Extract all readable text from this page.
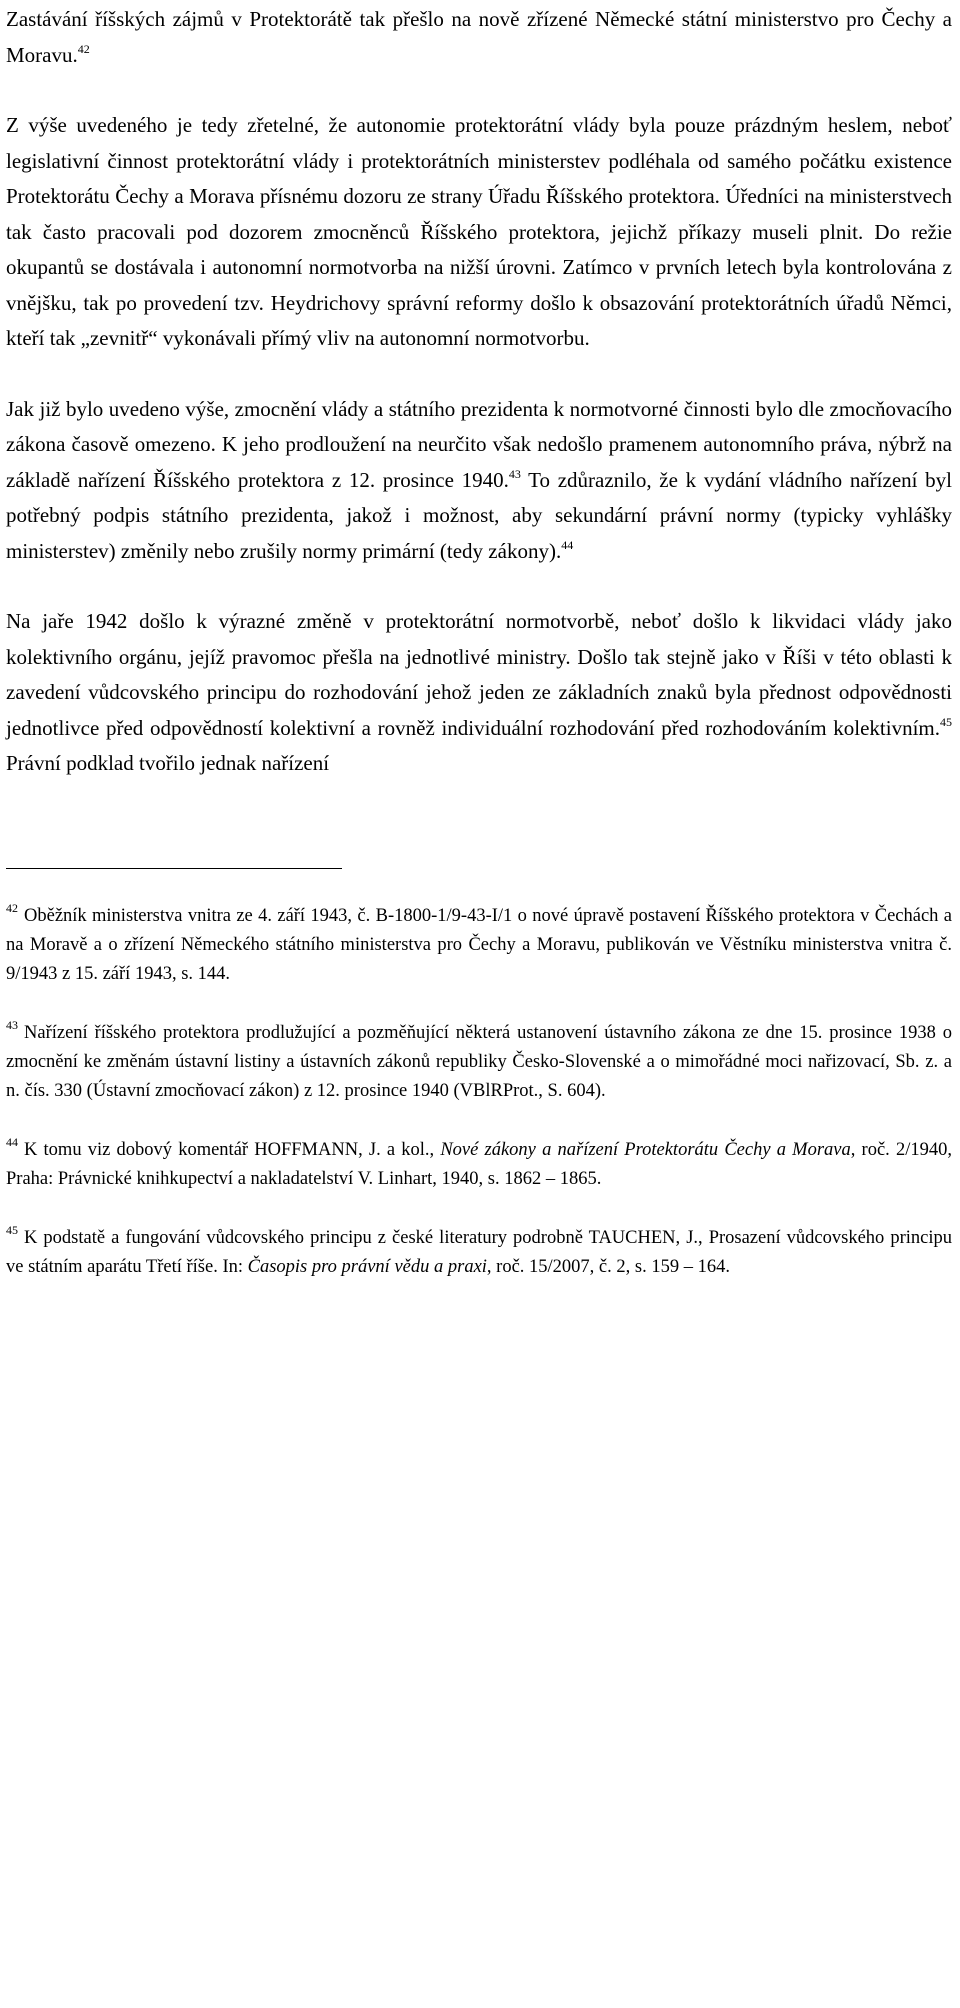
Zastávání říšských zájmů v Protektorátě tak přešlo na nově zřízené Německé státní ministerstvo pro Čechy a Moravu.$^{42}$

Z výše uvedeného je tedy zřetelné, že autonomie protektorátní vlády byla pouze prázdným heslem, neboť legislativní činnost protektorátní vlády i protektorátních ministerstev podléhala od samého počátku existence Protektorátu Čechy a Morava přísnému dozoru ze strany Úřadu Říšského protektora. Úředníci na ministerstvech tak často pracovali pod dozorem zmocněnců Říšského protektora, jejichž příkazy museli plnit. Do režie okupantů se dostávala i autonomní normotvorba na nižší úrovni. Zatímco v prvních letech byla kontrolována z vnějšku, tak po provedení tzv. Heydrichovy správní reformy došlo k obsazování protektorátních úřadů Němci, kteří tak „zevnitř“ vykonávali přímý vliv na autonomní normotvorbu.

Jak již bylo uvedeno výše, zmocnění vlády a státního prezidenta k normotvorné činnosti bylo dle zmocňovacího zákona časově omezeno. K jeho prodloužení na neurčito však nedošlo pramenem autonomního práva, nýbrž na základě nařízení Říšského protektora z 12. prosince 1940.43 To zdůraznilo, že k vydání vládního nařízení byl potřebný podpis státního prezidenta, jakož i možnost, aby sekundární právní normy (typicky vyhlášky ministerstev) změnily nebo zrušily normy primární (tedy zákony).$^{44}$

Na jaře 1942 došlo k výrazné změně v protektorátní normotvorbě, neboť došlo k likvidaci vlády jako kolektivního orgánu, jejíž pravomoc přešla na jednotlivé ministry. Došlo tak stejně jako v Říši v této oblasti k zavedení vůdcovského principu do rozhodování jehož jeden ze základních znaků byla přednost odpovědnosti jednotlivce před odpovědností kolektivní a rovněž individuální rozhodování před rozhodováním kolektivním.$^{45}$ Právní podklad tvořilo jednak nařízení

$^{42}$ Oběžník ministerstva vnitra ze 4. září 1943, č. B-1800-1/9-43-I/1 o nové úpravě postavení Říšského protektora v Čechách a na Moravě a o zřízení Německého státního ministerstva pro Čechy a Moravu, publikován ve Věstníku ministerstva vnitra č. 9/1943 z 15. září 1943, s. 144.

$^{43}$ Nařízení říšského protektora prodlužující a pozměňující některá ustanovení ústavního zákona ze dne 15. prosince 1938 o zmocnění ke změnám ústavní listiny a ústavních zákonů republiky Česko-Slovenské a o mimořádné moci nařizovací, Sb. z. a n. čís. 330 (Ústavní zmocňovací zákon) z 12. prosince 1940 (VBlRProt., S. 604).

$^{44}$ K tomu viz dobový komentář HOFFMANN, J. a kol., Nové zákony a nařízení Protektorátu Čechy a Morava, roč. 2/1940, Praha: Právnické knihkupectví a nakladatelství V. Linhart, 1940, s. 1862 – 1865.

$^{45}$ K podstatě a fungování vůdcovského principu z české literatury podrobně TAUCHEN, J., Prosazení vůdcovského principu ve státním aparátu Třetí říše. In: Časopis pro právní vědu a praxi, roč. 15/2007, č. 2, s. 159 – 164.
